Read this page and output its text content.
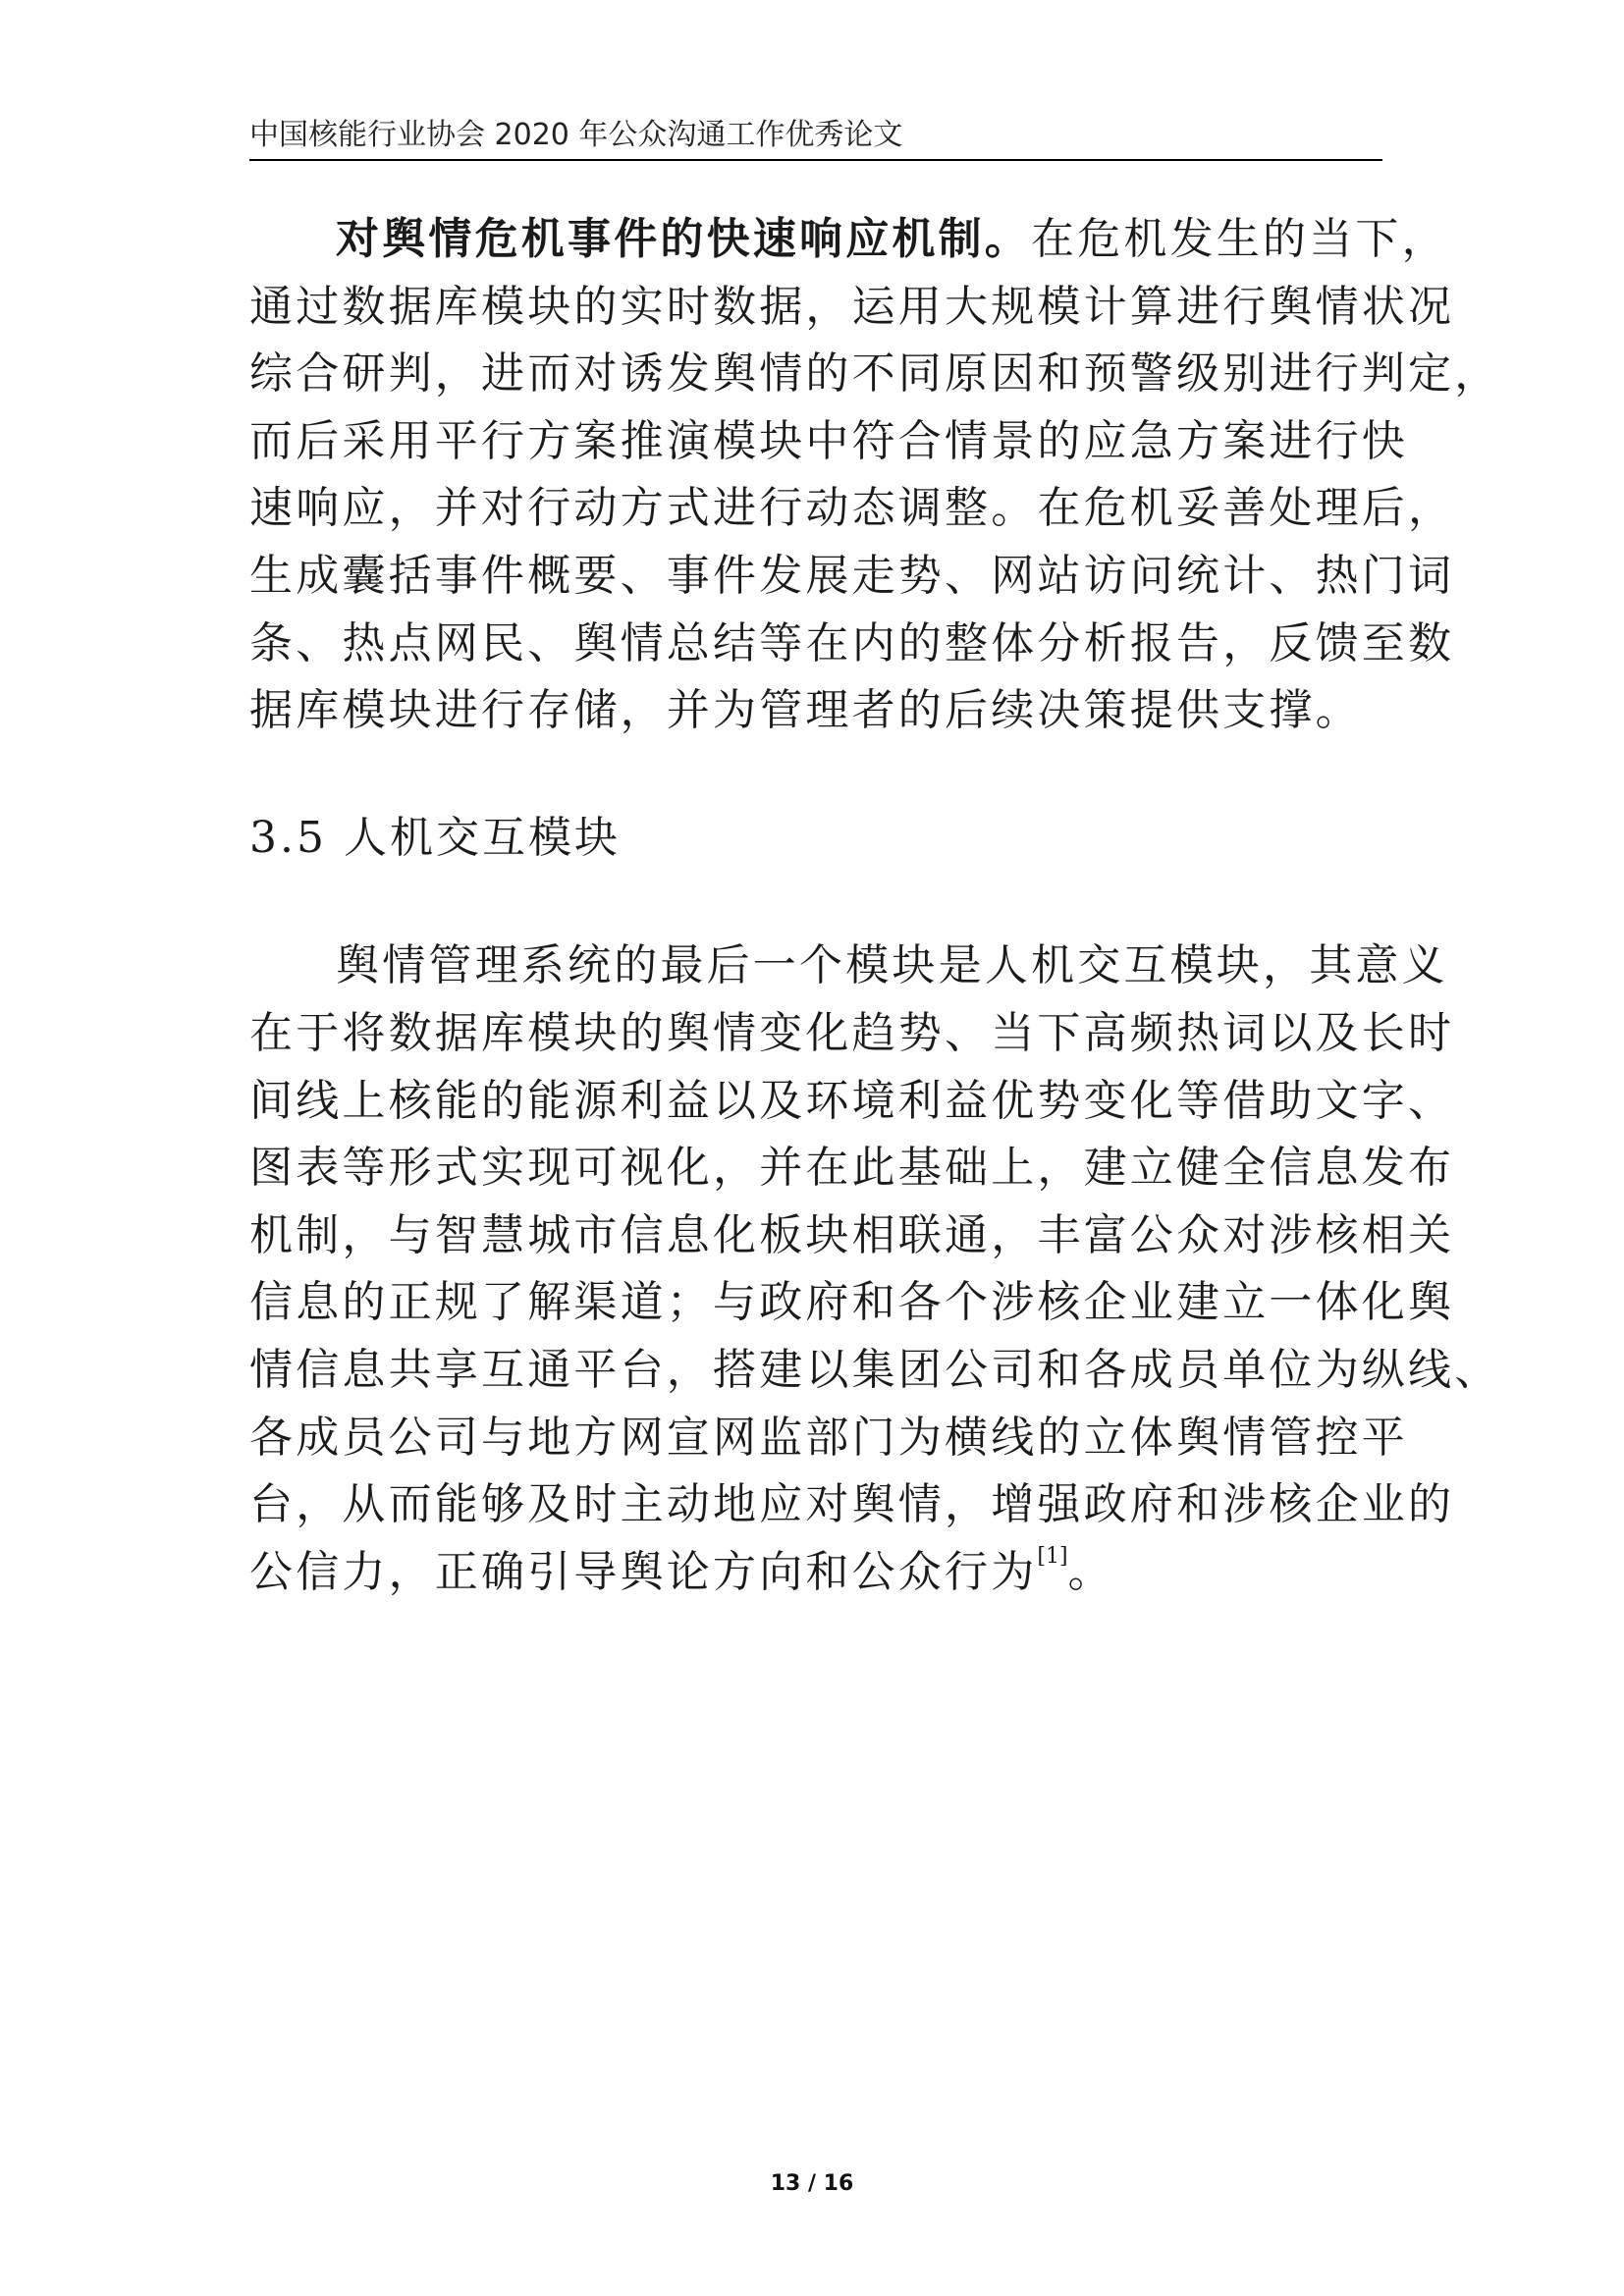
中国核能行业协会 2020 年公众沟通工作优秀论文
对舆情危机事件的快速响应机制。在危机发生的当下，
通过数据库模块的实时数据，运用大规模计算进行舆情状况
综合研判，进而对诱发舆情的不同原因和预警级别进行判定，
而后采用平行方案推演模块中符合情景的应急方案进行快
速响应，并对行动方式进行动态调整。在危机妥善处理后，
生成囊括事件概要、事件发展走势、网站访问统计、热门词
条、热点网民、舆情总结等在内的整体分析报告，反馈至数
据库模块进行存储，并为管理者的后续决策提供支撑。
3.5 人机交互模块
舆情管理系统的最后一个模块是人机交互模块，其意义
在于将数据库模块的舆情变化趋势、当下高频热词以及长时
间线上核能的能源利益以及环境利益优势变化等借助文字、
图表等形式实现可视化，并在此基础上，建立健全信息发布
机制，与智慧城市信息化板块相联通，丰富公众对涉核相关
信息的正规了解渠道；与政府和各个涉核企业建立一体化舆
情信息共享互通平台，搭建以集团公司和各成员单位为纵线、
各成员公司与地方网宣网监部门为横线的立体舆情管控平
台，从而能够及时主动地应对舆情，增强政府和涉核企业的
公信力，正确引导舆论方向和公众行为[1]。
13 / 16
